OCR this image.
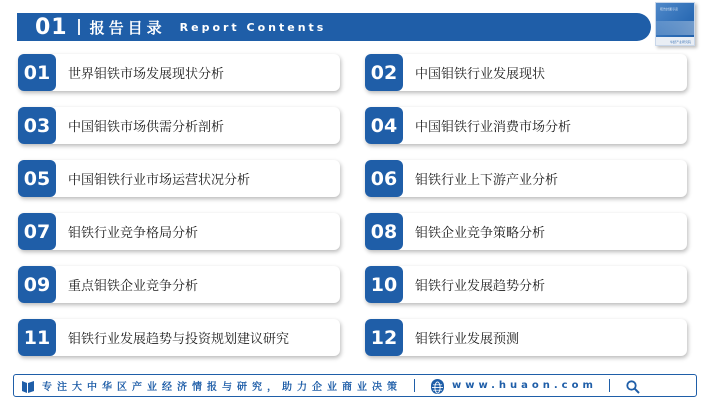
01 报告目录 Report Contents
报告封面示意
华经产业研究院
01	世界钼铁市场发展现状分析	02	中国钼铁行业发展现状
03	中国钼铁市场供需分析剖析	04	中国钼铁行业消费市场分析
05	中国钼铁行业市场运营状况分析	06	钼铁行业上下游产业分析
07	钼铁行业竞争格局分析	08	钼铁企业竞争策略分析
09	重点钼铁企业竞争分析	10	钼铁行业发展趋势分析
11	钼铁行业发展趋势与投资规划建议研究	12	钼铁行业发展预测
专注大中华区产业经济情报与研究，助力企业商业决策	www.huaon.com
